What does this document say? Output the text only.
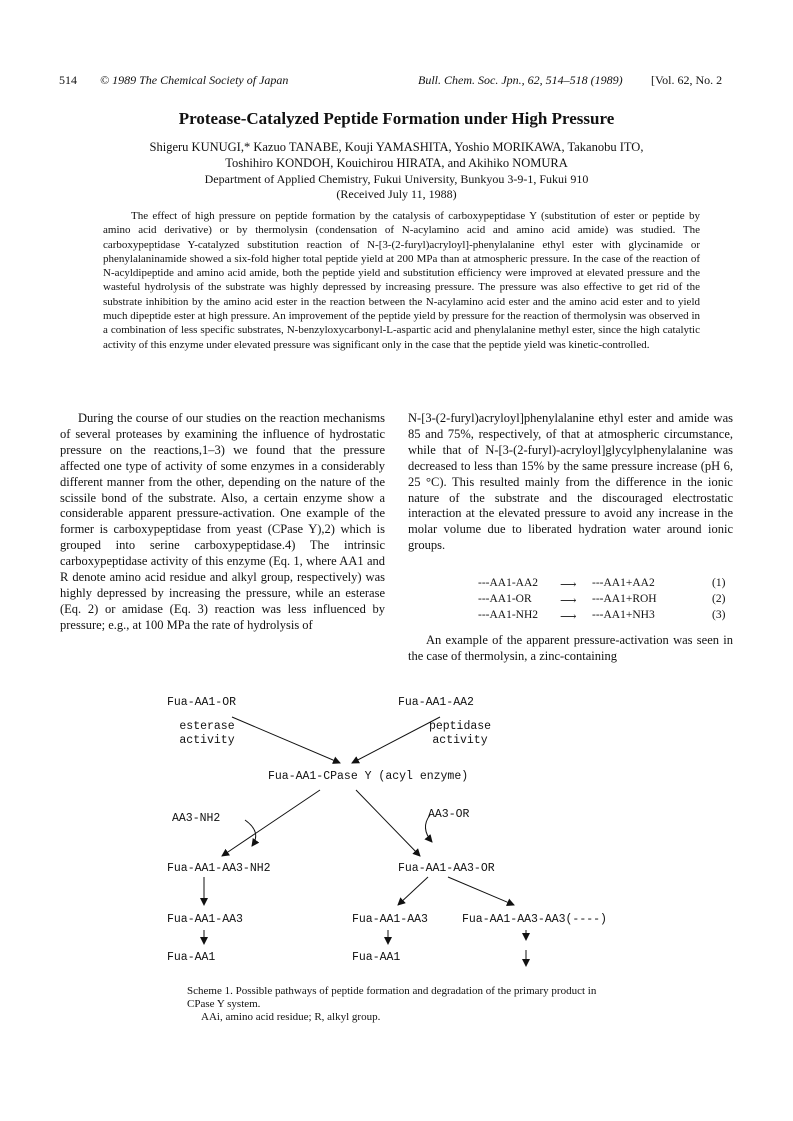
514 © 1989 The Chemical Society of Japan	Bull. Chem. Soc. Jpn., 62, 514–518 (1989) [Vol. 62, No. 2
Protease-Catalyzed Peptide Formation under High Pressure
Shigeru KUNUGI,* Kazuo TANABE, Kouji YAMASHITA, Yoshio MORIKAWA, Takanobu ITO,
Toshihiro KONDOH, Kouichirou HIRATA, and Akihiko NOMURA
Department of Applied Chemistry, Fukui University, Bunkyou 3-9-1, Fukui 910
(Received July 11, 1988)
The effect of high pressure on peptide formation by the catalysis of carboxypeptidase Y (substitution of ester or peptide by amino acid derivative) or by thermolysin (condensation of N-acylamino acid and amino acid amide) was studied. The carboxypeptidase Y-catalyzed substitution reaction of N-[3-(2-furyl)acryloyl]-phenylalanine ethyl ester with glycinamide or phenylalaninamide showed a six-fold higher total peptide yield at 200 MPa than at atmospheric pressure. In the case of the reaction of N-acyldipeptide and amino acid amide, both the peptide yield and substitution efficiency were improved at elevated pressure and the wasteful hydrolysis of the substrate was highly depressed by increasing pressure. The pressure was also effective to get rid of the substrate inhibition by the amino acid ester in the reaction between the N-acylamino acid ester and the amino acid ester and to yield much dipeptide ester at high pressure. An improvement of the peptide yield by pressure for the reaction of thermolysin was observed in a combination of less specific substrates, N-benzyloxycarbonyl-L-aspartic acid and phenylalanine methyl ester, since the high catalytic activity of this enzyme under elevated pressure was significant only in the case that the peptide yield was kinetic-controlled.

During the course of our studies on the reaction mechanisms of several proteases by examining the influence of hydrostatic pressure on the reactions,1–3) we found that the pressure affected one type of activity of some enzymes in a considerably different manner from the other, depending on the nature of the scissile bond of the substrate. Also, a certain enzyme show a considerable apparent pressure-activation. One example of the former is carboxypeptidase from yeast (CPase Y),2) which is grouped into serine carboxypeptidase.4) The intrinsic carboxypeptidase activity of this enzyme (Eq. 1, where AA1 and R denote amino acid residue and alkyl group, respectively) was highly depressed by increasing the pressure, while an esterase (Eq. 2) or amidase (Eq. 3) reaction was less influenced by pressure; e.g., at 100 MPa the rate of hydrolysis of

N-[3-(2-furyl)acryloyl]phenylalanine ethyl ester and amide was 85 and 75%, respectively, of that at atmospheric circumstance, while that of N-[3-(2-furyl)-acryloyl]glycylphenylalanine was decreased to less than 15% by the same pressure increase (pH 6, 25 °C). This resulted mainly from the difference in the ionic nature of the substrate and the discouraged electrostatic interaction at the elevated pressure to avoid any increase in the molar volume due to liberated hydration water around ionic groups.

---AA1-AA2 ⟶ ---AA1+AA2	(1)
---AA1-OR ⟶ ---AA1+ROH	(2)
---AA1-NH2 ⟶ ---AA1+NH3	(3)

An example of the apparent pressure-activation was seen in the case of thermolysin, a zinc-containing

Fua-AA1-OR	Fua-AA1-AA2
esterase activity
peptidase activity
Fua-AA1-CPase Y (acyl enzyme)
AA3-NH2	AA3-OR
Fua-AA1-AA3-NH2	Fua-AA1-AA3-OR
Fua-AA1-AA3	Fua-AA1-AA3	Fua-AA1-AA3-AA3(----)
Fua-AA1	Fua-AA1
Scheme 1. Possible pathways of peptide formation and degradation of the primary product in CPase Y system.
AAi, amino acid residue; R, alkyl group.
